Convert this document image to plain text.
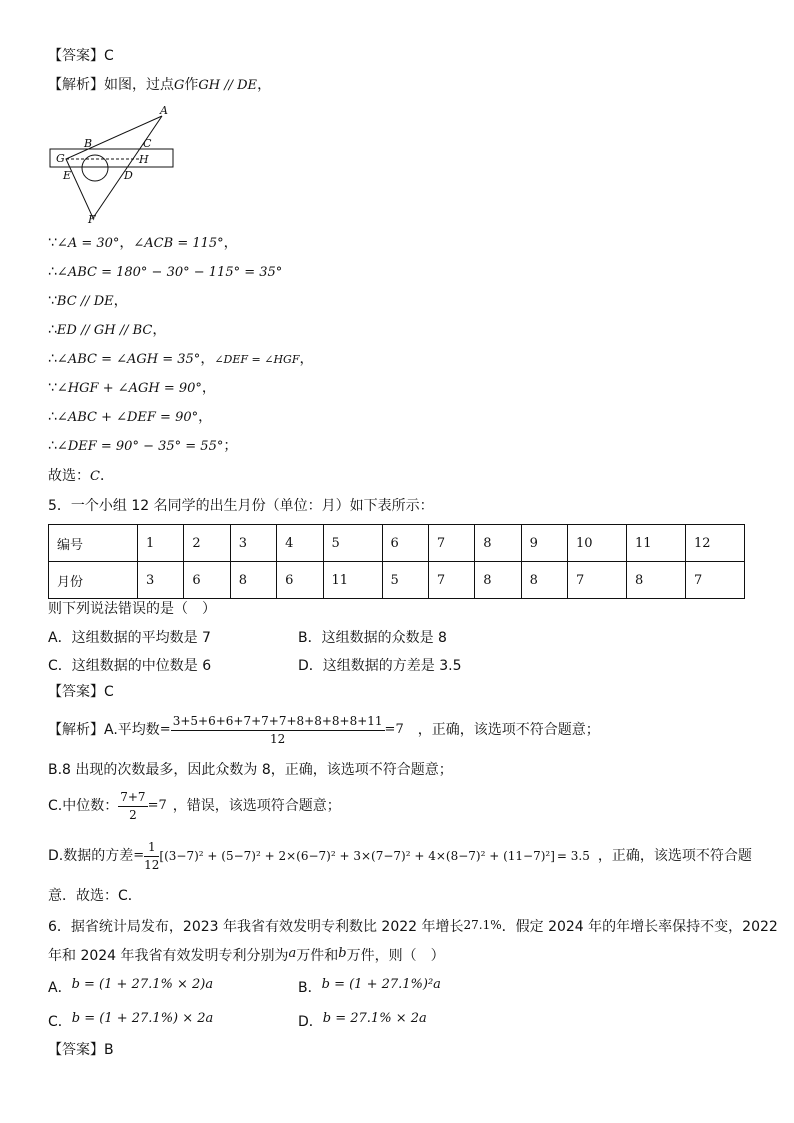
【答案】C
【解析】如图，过点G作GH // DE，
A
B	C
G	H
E	D
F
∵∠A = 30°，∠ACB = 115°，
∴∠ABC = 180° − 30° − 115° = 35°
∵BC // DE，
∴ED // GH // BC，
∴∠ABC = ∠AGH = 35°，∠DEF = ∠HGF，
∵∠HGF + ∠AGH = 90°，
∴∠ABC + ∠DEF = 90°，
∴∠DEF = 90° − 35° = 55°；
故选：C．
5．一个小组 12 名同学的出生月份（单位：月）如下表所示：
编号	1	2	3	4	5	6	7	8	9	10	11	12
月份	3	6	8	6	11	5	7	8	8	7	8	7
则下列说法错误的是（　）
A．这组数据的平均数是 7	B．这组数据的众数是 8
C．这组数据的中位数是 6	D．这组数据的方差是 3.5
【答案】C
【解析】A.平均数= $\frac{3+5+6+6+7+7+7+8+8+8+8+11}{12} =7$ ，正确，该选项不符合题意；
B.8 出现的次数最多，因此众数为 8，正确，该选项不符合题意；
C.中位数： $\frac{7+7}{2} =7$ ，错误，该选项符合题意；
D.数据的方差= $\frac{1}{12} [(3-7)^2 + (5-7)^2 + 2\times(6-7)^2 + 3\times(7-7)^2 + 4\times(8-7)^2 + (11-7)^2] = 3.5$ ，正确，该选项不符合题
意．故选：C．
6．据省统计局发布，2023 年我省有效发明专利数比 2022 年增长27.1%．假定 2024 年的年增长率保持不变，2022
年和 2024 年我省有效发明专利分别为a万件和b万件，则（　）
A．b = (1 + 27.1% × 2)a	B．b = (1 + 27.1%)²a
C．b = (1 + 27.1%) × 2a	D．b = 27.1% × 2a
【答案】B
